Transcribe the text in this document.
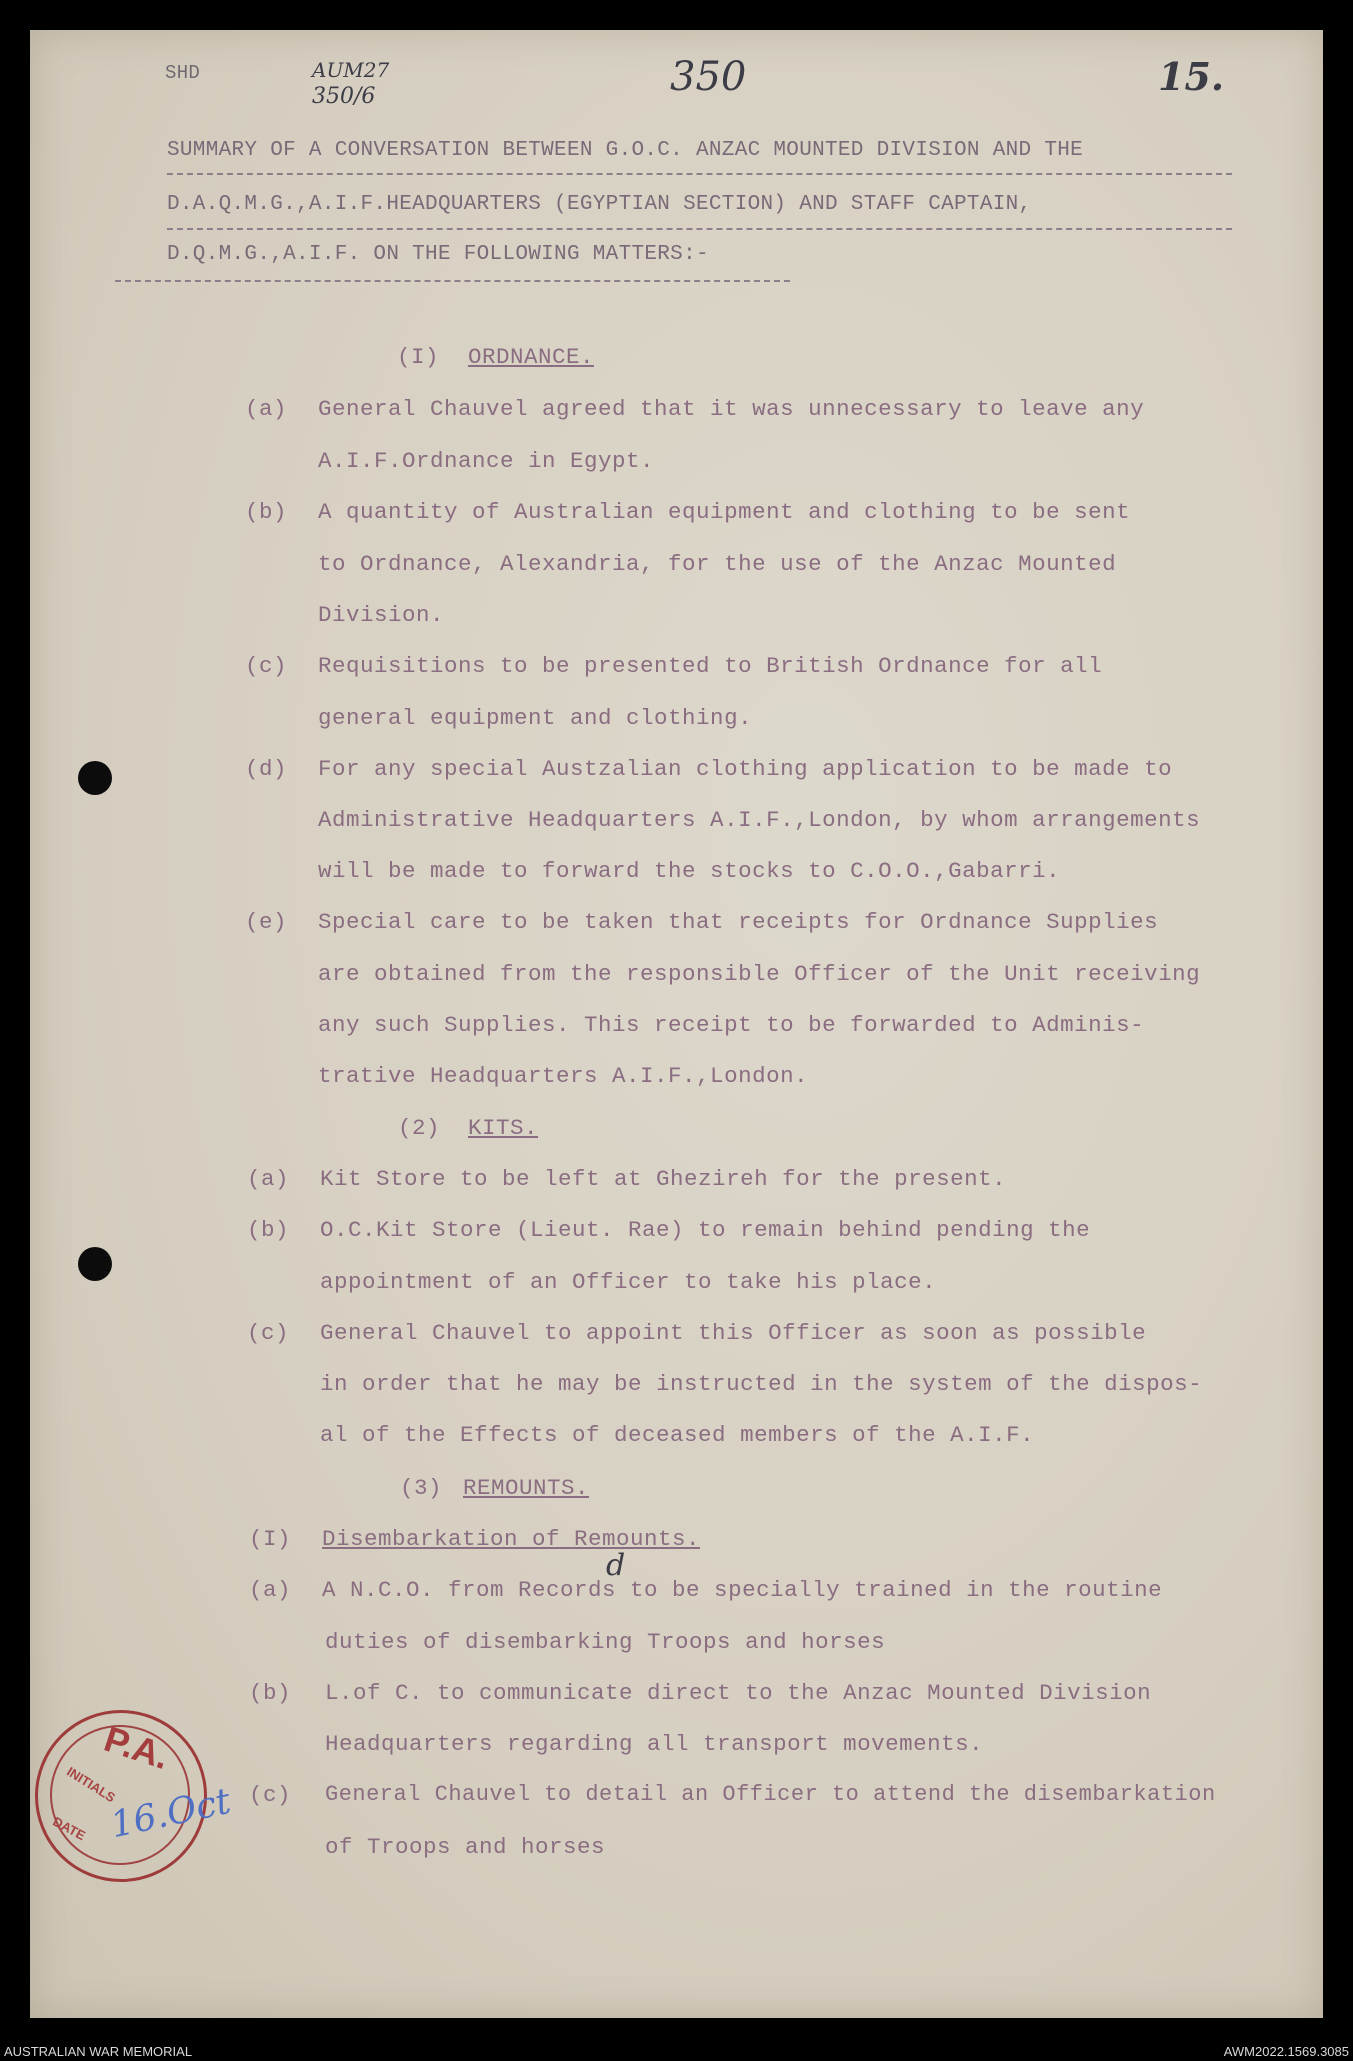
SHD	AUM27
350/6	350	15.
SUMMARY OF A CONVERSATION BETWEEN G.O.C. ANZAC MOUNTED DIVISION AND THE
D.A.Q.M.G.,A.I.F.HEADQUARTERS (EGYPTIAN SECTION) AND STAFF CAPTAIN,
D.Q.M.G.,A.I.F. ON THE FOLLOWING MATTERS:-
(I) ORDNANCE.
(a) General Chauvel agreed that it was unnecessary to leave any
A.I.F.Ordnance in Egypt.
(b) A quantity of Australian equipment and clothing to be sent
to Ordnance, Alexandria, for the use of the Anzac Mounted
Division.
(c) Requisitions to be presented to British Ordnance for all
general equipment and clothing.
(d) For any special Austzalian clothing application to be made to
Administrative Headquarters A.I.F.,London, by whom arrangements
will be made to forward the stocks to C.O.O.,Gabarri.
(e) Special care to be taken that receipts for Ordnance Supplies
are obtained from the responsible Officer of the Unit receiving
any such Supplies. This receipt to be forwarded to Adminis-
trative Headquarters A.I.F.,London.
(2) KITS.
(a) Kit Store to be left at Ghezireh for the present.
(b) O.C.Kit Store (Lieut. Rae) to remain behind pending the
appointment of an Officer to take his place.
(c) General Chauvel to appoint this Officer as soon as possible
in order that he may be instructed in the system of the dispos-
al of the Effects of deceased members of the A.I.F.
(3) REMOUNTS.
(I) Disembarkation of Remounts.
(a) A N.C.O. from Records to be specially trained in the routine
d
duties of disembarking Troops and horses
(b) L.of C. to communicate direct to the Anzac Mounted Division
Headquarters regarding all transport movements.
(c) General Chauvel to detail an Officer to attend the disembarkation
of Troops and horses
P.A.
INITIALS
DATE 16.Oct
AUSTRALIAN WAR MEMORIAL	AWM2022.1569.3085
